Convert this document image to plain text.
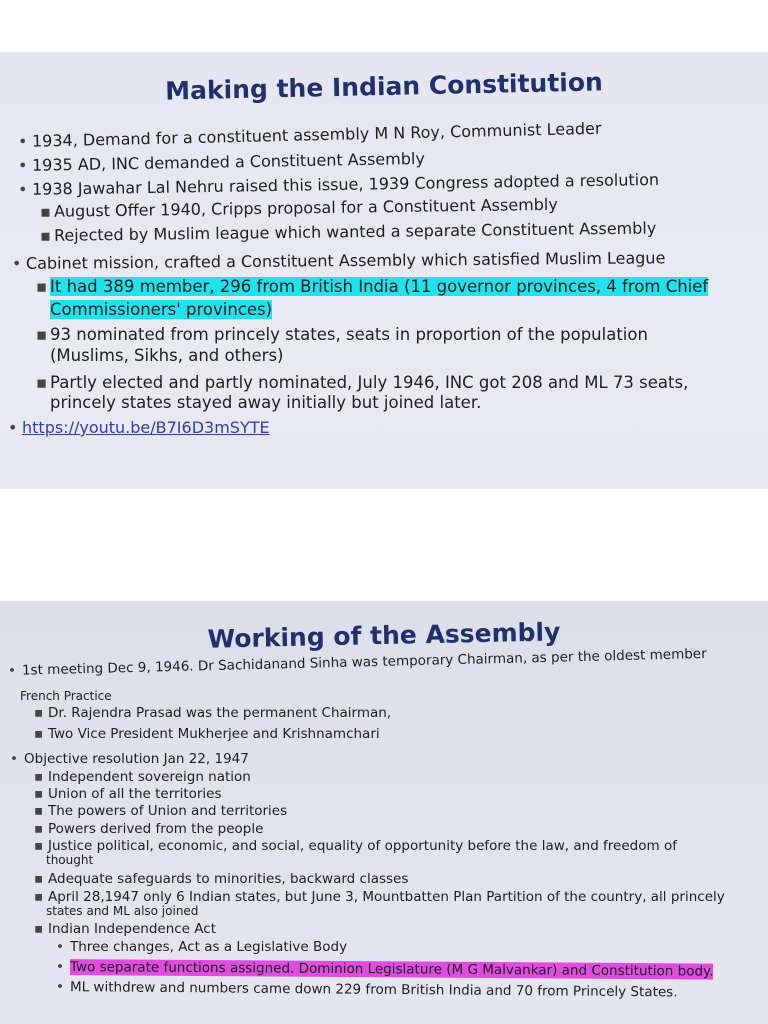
Making the Indian Constitution
• 1934, Demand for a constituent assembly M N Roy, Communist Leader
• 1935 AD, INC demanded a Constituent Assembly
• 1938 Jawahar Lal Nehru raised this issue, 1939 Congress adopted a resolution
▪ August Offer 1940, Cripps proposal for a Constituent Assembly
▪ Rejected by Muslim league which wanted a separate Constituent Assembly
• Cabinet mission, crafted a Constituent Assembly which satisfied Muslim League
▪ It had 389 member, 296 from British India (11 governor provinces, 4 from Chief
Commissioners' provinces)
▪ 93 nominated from princely states, seats in proportion of the population
(Muslims, Sikhs, and others)
▪ Partly elected and partly nominated, July 1946, INC got 208 and ML 73 seats,
princely states stayed away initially but joined later.
• https://youtu.be/B7I6D3mSYTE
Working of the Assembly
• 1st meeting Dec 9, 1946. Dr Sachidanand Sinha was temporary Chairman, as per the oldest member
French Practice
▪ Dr. Rajendra Prasad was the permanent Chairman,
▪ Two Vice President Mukherjee and Krishnamchari
• Objective resolution Jan 22, 1947
▪ Independent sovereign nation
▪ Union of all the territories
▪ The powers of Union and territories
▪ Powers derived from the people
▪ Justice political, economic, and social, equality of opportunity before the law, and freedom of
thought
▪ Adequate safeguards to minorities, backward classes
▪ April 28,1947 only 6 Indian states, but June 3, Mountbatten Plan Partition of the country, all princely
states and ML also joined
▪ Indian Independence Act
• Three changes, Act as a Legislative Body
• Two separate functions assigned. Dominion Legislature (M G Malvankar) and Constitution body.
• ML withdrew and numbers came down 229 from British India and 70 from Princely States.
